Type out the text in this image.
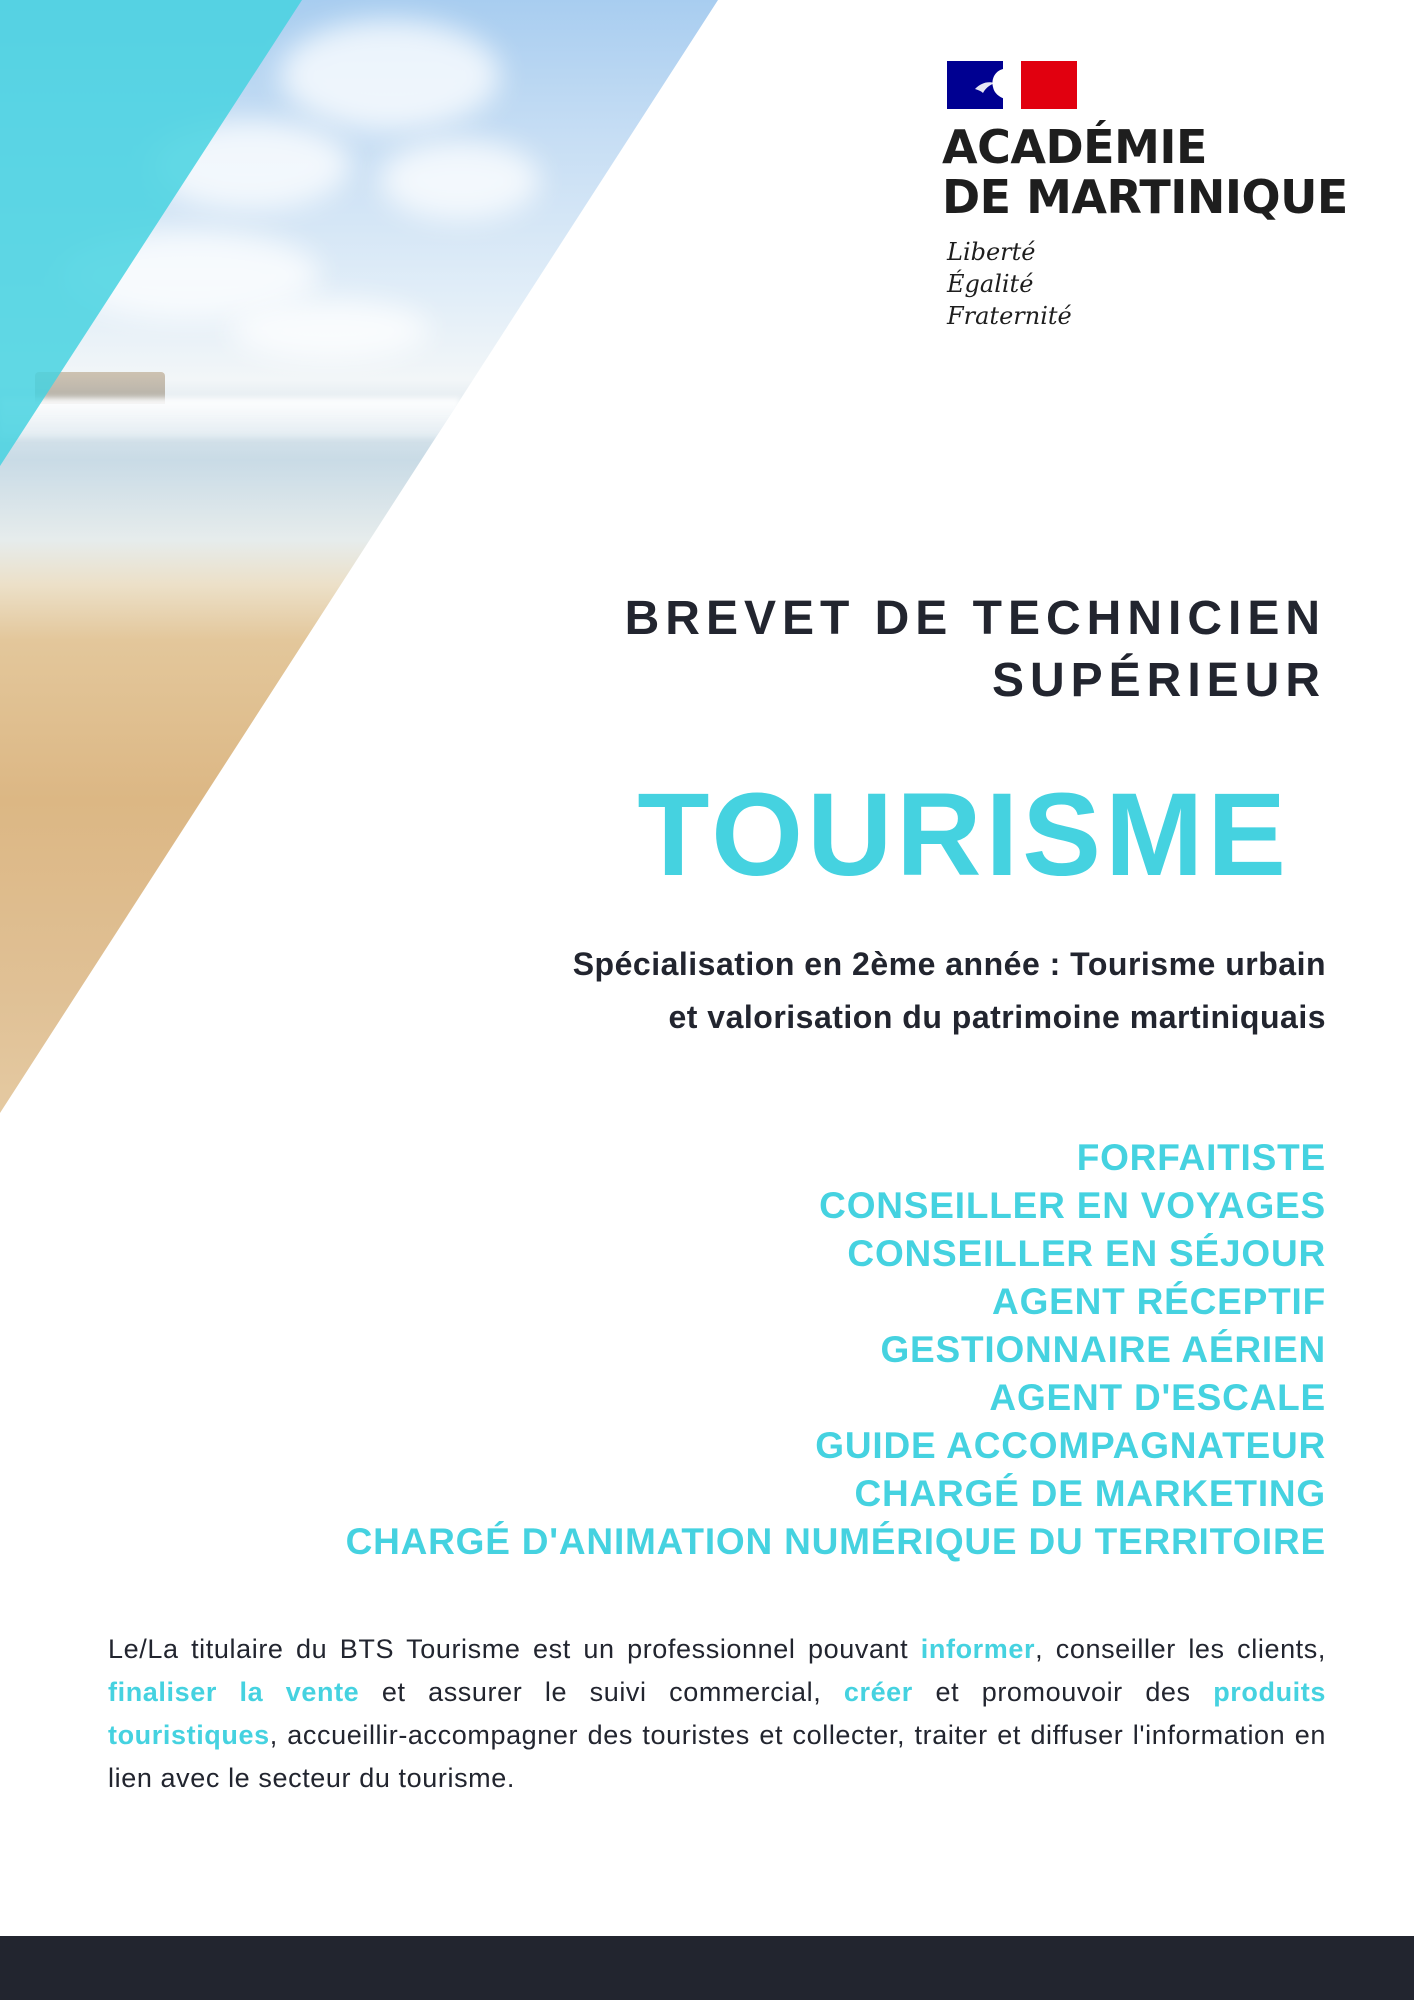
ACADÉMIE
DE MARTINIQUE
Liberté
Égalité
Fraternité
BREVET DE TECHNICIEN
SUPÉRIEUR
TOURISME
Spécialisation en 2ème année : Tourisme urbain
et valorisation du patrimoine martiniquais
FORFAITISTE
CONSEILLER EN VOYAGES
CONSEILLER EN SÉJOUR
AGENT RÉCEPTIF
GESTIONNAIRE AÉRIEN
AGENT D'ESCALE
GUIDE ACCOMPAGNATEUR
CHARGÉ DE MARKETING
CHARGÉ D'ANIMATION NUMÉRIQUE DU TERRITOIRE
Le/La titulaire du BTS Tourisme est un professionnel pouvant informer, conseiller les clients, finaliser la vente et assurer le suivi commercial, créer et promouvoir des produits touristiques, accueillir-accompagner des touristes et collecter, traiter et diffuser l'information en lien avec le secteur du tourisme.
